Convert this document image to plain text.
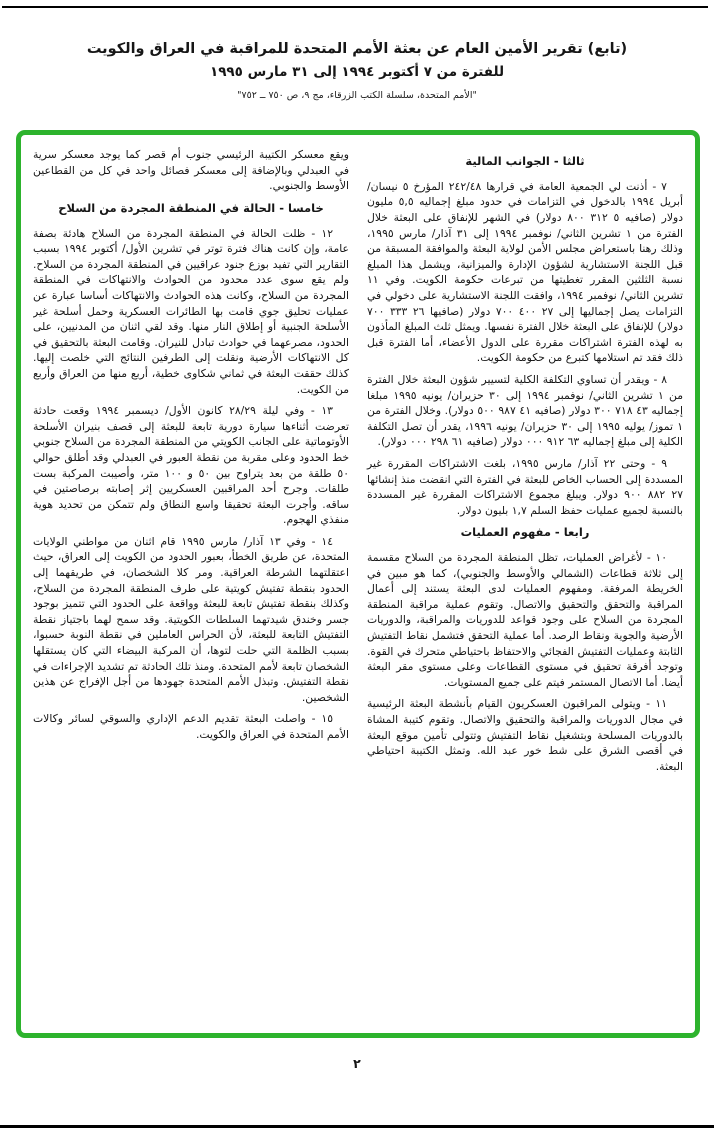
(تابع) تقرير الأمين العام عن بعثة الأمم المتحدة للمراقبة في العراق والكويت
للفترة من ٧ أكتوبر ١٩٩٤ إلى ٣١ مارس ١٩٩٥
"الأمم المتحدة، سلسلة الكتب الزرقاء، مج ٩، ص ٧٥٠ ــ ٧٥٢"
ثالثا - الجوانب المالية

٧ - أذنت لي الجمعية العامة في قرارها ٢٤٢/٤٨ المؤرخ ٥ نيسان/ أبريل ١٩٩٤ بالدخول في التزامات في حدود مبلغ إجماليه ٥,٥ مليون دولار (صافيه ٥ ٣١٢ ٨٠٠ دولار) في الشهر للإنفاق على البعثة خلال الفترة من ١ تشرين الثاني/ نوفمبر ١٩٩٤ إلى ٣١ آذار/ مارس ١٩٩٥، وذلك رهنا باستعراض مجلس الأمن لولاية البعثة والموافقة المسبقة من قبل اللجنة الاستشارية لشؤون الإدارة والميزانية، ويشمل هذا المبلغ نسبة الثلثين المقرر تغطيتها من تبرعات حكومة الكويت. وفي ١١ تشرين الثاني/ نوفمبر ١٩٩٤، وافقت اللجنة الاستشارية على دخولي في التزامات يصل إجماليها إلى ٢٧ ٤٠٠ ٧٠٠ دولار (صافيها ٢٦ ٣٣٣ ٧٠٠ دولار) للإنفاق على البعثة خلال الفترة نفسها. ويمثل ثلث المبلغ المأذون به لهذه الفترة اشتراكات مقررة على الدول الأعضاء، أما الفترة قبل ذلك فقد تم استلامها كتبرع من حكومة الكويت.

٨ - ويقدر أن تساوي التكلفة الكلية لتسيير شؤون البعثة خلال الفترة من ١ تشرين الثاني/ نوفمبر ١٩٩٤ إلى ٣٠ حزيران/ يونيه ١٩٩٥ مبلغا إجماليه ٤٣ ٧١٨ ٣٠٠ دولار (صافيه ٤١ ٩٨٧ ٥٠٠ دولار). وخلال الفترة من ١ تموز/ يوليه ١٩٩٥ إلى ٣٠ حزيران/ يونيه ١٩٩٦، يقدر أن تصل التكلفة الكلية إلى مبلغ إجماليه ٦٣ ٩١٢ ٠٠٠ دولار (صافيه ٦١ ٢٩٨ ٠٠٠ دولار).

٩ - وحتى ٢٢ آذار/ مارس ١٩٩٥، بلغت الاشتراكات المقررة غير المسددة إلى الحساب الخاص للبعثة في الفترة التي انقضت منذ إنشائها ٢٧ ٨٨٢ ٩٠٠ دولار. ويبلغ مجموع الاشتراكات المقررة غير المسددة بالنسبة لجميع عمليات حفظ السلم ١,٧ بليون دولار.

رابعا - مفهوم العمليات

١٠ - لأغراض العمليات، تظل المنطقة المجردة من السلاح مقسمة إلى ثلاثة قطاعات (الشمالي والأوسط والجنوبي)، كما هو مبين في الخريطة المرفقة. ومفهوم العمليات لدى البعثة يستند إلى أعمال المراقبة والتحقق والتحقيق والاتصال. وتقوم عملية مراقبة المنطقة المجردة من السلاح على وجود قواعد للدوريات والمراقبة، والدوريات الأرضية والجوية ونقاط الرصد. أما عملية التحقق فتشمل نقاط التفتيش الثابتة وعمليات التفتيش الفجائي والاحتفاظ باحتياطي متحرك في القوة. وتوجد أفرقة تحقيق في مستوى القطاعات وعلى مستوى مقر البعثة أيضا. أما الاتصال المستمر فيتم على جميع المستويات.

١١ - ويتولى المراقبون العسكريون القيام بأنشطة البعثة الرئيسية في مجال الدوريات والمراقبة والتحقيق والاتصال. وتقوم كتيبة المشاة بالدوريات المسلحة وبتشغيل نقاط التفتيش وتتولى تأمين موقع البعثة في أقصى الشرق على شط خور عبد الله. وتمثل الكتيبة احتياطي البعثة.

ويقع معسكر الكتيبة الرئيسي جنوب أم قصر كما يوجد معسكر سرية في العبدلي وبالإضافة إلى معسكر فصائل واحد في كل من القطاعين الأوسط والجنوبي.

خامسا - الحالة في المنطقة المجردة من السلاح

١٢ - ظلت الحالة في المنطقة المجردة من السلاح هادئة بصفة عامة، وإن كانت هناك فترة توتر في تشرين الأول/ أكتوبر ١٩٩٤ بسبب التقارير التي تفيد بوزع جنود عراقيين في المنطقة المجردة من السلاح. ولم يقع سوى عدد محدود من الحوادث والانتهاكات في المنطقة المجردة من السلاح، وكانت هذه الحوادث والانتهاكات أساسا عبارة عن عمليات تحليق جوي قامت بها الطائرات العسكرية وحمل أسلحة غير الأسلحة الجنبية أو إطلاق النار منها. وقد لقي اثنان من المدنيين، على الحدود، مصرعهما في حوادث تبادل للنيران. وقامت البعثة بالتحقيق في كل الانتهاكات الأرضية ونقلت إلى الطرفين النتائج التي خلصت إليها. كذلك حققت البعثة في ثماني شكاوى خطية، أربع منها من العراق وأربع من الكويت.

١٣ - وفي ليلة ٢٨/٢٩ كانون الأول/ ديسمبر ١٩٩٤ وقعت حادثة تعرضت أثناءها سيارة دورية تابعة للبعثة إلى قصف بنيران الأسلحة الأوتوماتية على الجانب الكويتي من المنطقة المجردة من السلاح جنوبي خط الحدود وعلى مقربة من نقطة العبور في العبدلي وقد أطلق حوالي ٥٠ طلقة من بعد يتراوح بين ٥٠ و ١٠٠ متر، وأصيبت المركبة بست طلقات. وجرح أحد المراقبين العسكريين إثر إصابته برصاصتين في ساقه. وأجرت البعثة تحقيقا واسع النطاق ولم تتمكن من تحديد هوية منفذي الهجوم.

١٤ - وفي ١٣ آذار/ مارس ١٩٩٥ قام اثنان من مواطني الولايات المتحدة، عن طريق الخطأ، بعبور الحدود من الكويت إلى العراق، حيث اعتقلتهما الشرطة العراقية. ومر كلا الشخصان، في طريقهما إلى الحدود بنقطة تفتيش كويتية على طرف المنطقة المجردة من السلاح، وكذلك بنقطة تفتيش تابعة للبعثة وواقعة على الحدود التي تتميز بوجود جسر وخندق شيدتهما السلطات الكويتية. وقد سمح لهما باجتياز نقطة التفتيش التابعة للبعثة، لأن الحراس العاملين في نقطة النوبة حسبوا، بسبب الظلمة التي حلت لتوها، أن المركبة البيضاء التي كان يستقلها الشخصان تابعة لأمم المتحدة. ومنذ تلك الحادثة تم تشديد الإجراءات في نقطة التفتيش. وتبذل الأمم المتحدة جهودها من أجل الإفراج عن هذين الشخصين.

١٥ - واصلت البعثة تقديم الدعم الإداري والسوقي لسائر وكالات الأمم المتحدة في العراق والكويت.

٢
